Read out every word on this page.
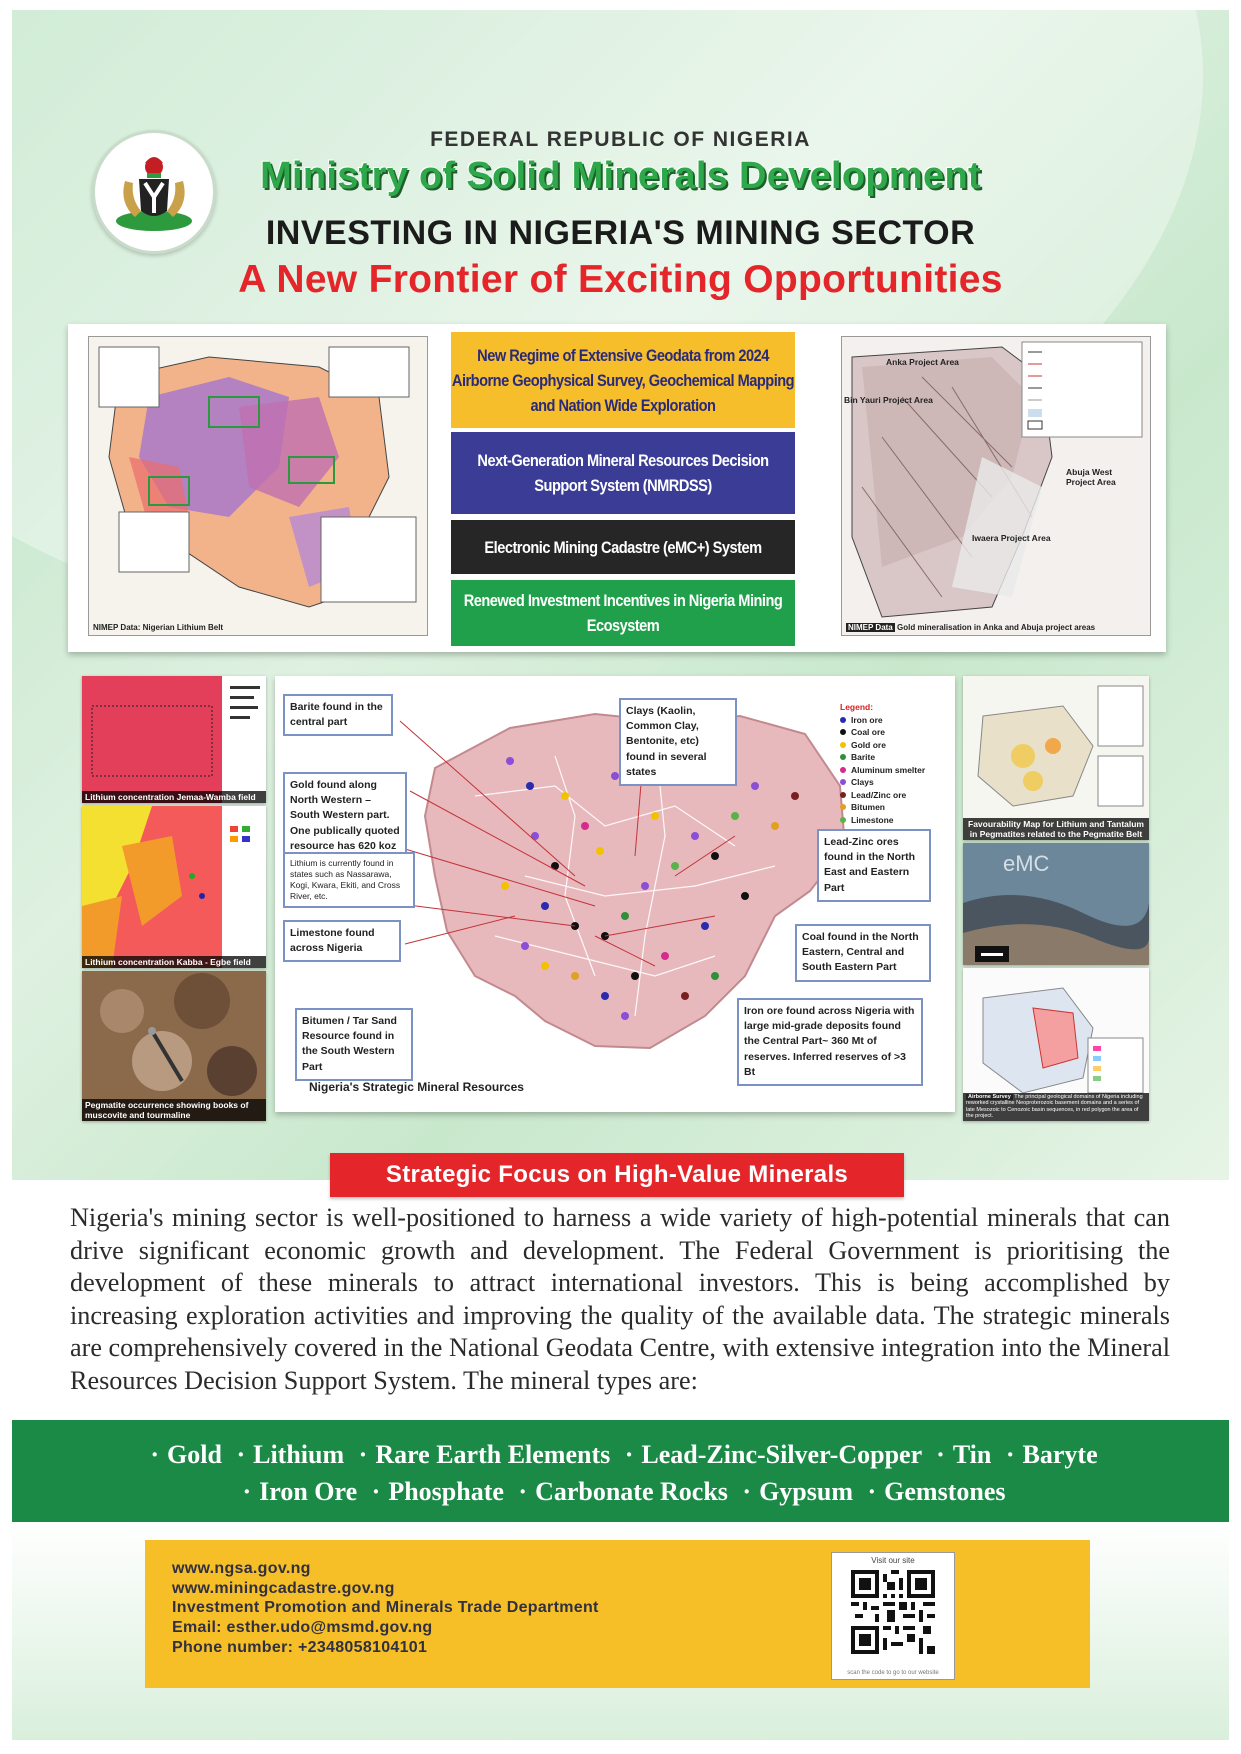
FEDERAL REPUBLIC OF NIGERIA
Ministry of Solid Minerals Development
INVESTING IN NIGERIA'S MINING SECTOR
A New Frontier of Exciting Opportunities
NIMEP Data: Nigerian Lithium Belt
New Regime of Extensive Geodata from 2024 Airborne Geophysical Survey, Geochemical Mapping and Nation Wide Exploration
Next-Generation Mineral Resources Decision Support System (NMRDSS)
Electronic Mining Cadastre (eMC+) System
Renewed Investment Incentives in Nigeria Mining Ecosystem
Anka Project Area
Bin Yauri Project Area
Abuja West Project Area
Iwaera Project Area
NIMEP Data Gold mineralisation in Anka and Abuja project areas
Lithium concentration Jemaa-Wamba field
Lithium concentration Kabba - Egbe field
Pegmatite occurrence showing books of muscovite and tourmaline
Barite found in the central part
Gold found along North Western – South Western part. One publically quoted resource has 620 koz
Lithium is currently found in states such as Nassarawa, Kogi, Kwara, Ekiti, and Cross River, etc.
Limestone found across Nigeria
Bitumen / Tar Sand Resource found in the South Western Part
Clays (Kaolin, Common Clay, Bentonite, etc) found in several states
Lead-Zinc ores found in the North East and Eastern Part
Coal found in the North Eastern, Central and South Eastern Part
Iron ore found across Nigeria with large mid-grade deposits found the Central Part~ 360 Mt of reserves. Inferred reserves of >3 Bt
Legend:
Iron ore
Coal ore
Gold ore
Barite
Aluminum smelter
Clays
Lead/Zinc ore
Bitumen
Limestone
Nigeria's Strategic Mineral Resources
Favourability Map for Lithium and Tantalum in Pegmatites related to the Pegmatite Belt
eMC
Airborne Survey The principal geological domains of Nigeria including reworked crystalline Neoproterozoic basement domains and a series of late Mesozoic to Cenozoic basin sequences, in red polygon the area of the project.
Strategic Focus on High-Value Minerals
Nigeria's mining sector is well-positioned to harness a wide variety of high-potential minerals that can drive significant economic growth and development. The Federal Government is prioritising the development of these minerals to attract international investors. This is being accomplished by increasing exploration activities and improving the quality of the available data. The strategic minerals are comprehensively covered in the National Geodata Centre, with extensive integration into the Mineral Resources Decision Support System. The mineral types are:
· Gold · Lithium · Rare Earth Elements · Lead-Zinc-Silver-Copper · Tin · Baryte
· Iron Ore · Phosphate · Carbonate Rocks · Gypsum · Gemstones
www.ngsa.gov.ng
www.miningcadastre.gov.ng
Investment Promotion and Minerals Trade Department
Email: esther.udo@msmd.gov.ng
Phone number: +2348058104101
Visit our site
scan the code to go to our website
